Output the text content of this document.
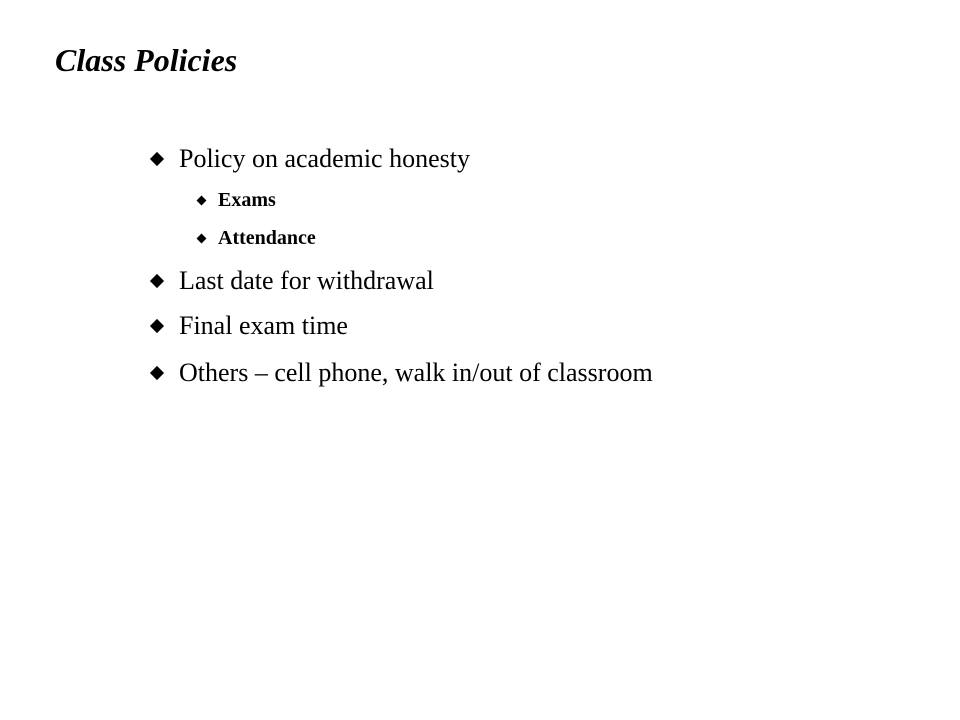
Class Policies
Policy on academic honesty
Exams
Attendance
Last date for withdrawal
Final exam time
Others – cell phone, walk in/out of classroom
